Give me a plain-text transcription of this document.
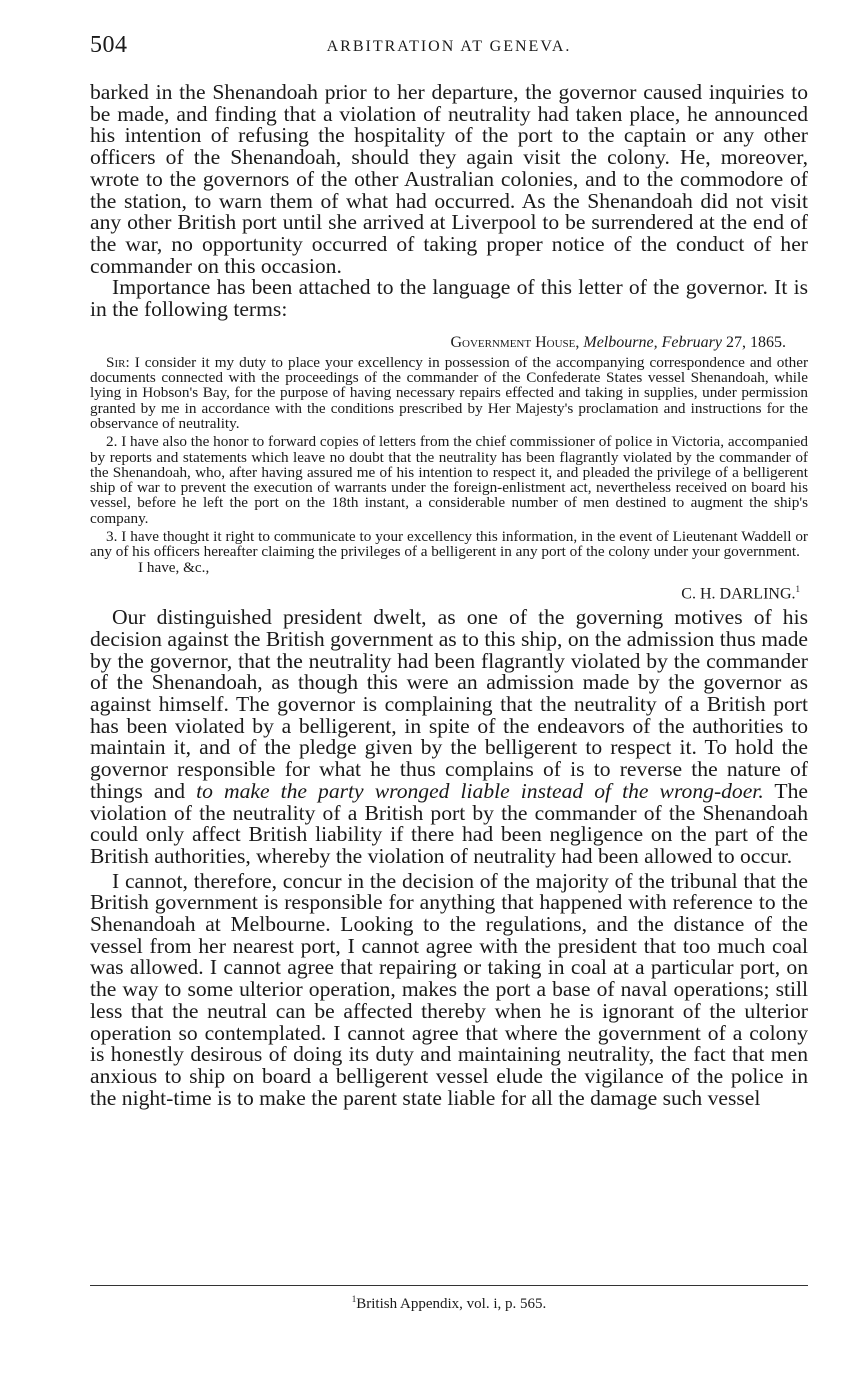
504	ARBITRATION AT GENEVA.

barked in the Shenandoah prior to her departure, the governor caused inquiries to be made, and finding that a violation of neutrality had taken place, he announced his intention of refusing the hospitality of the port to the captain or any other officers of the Shenandoah, should they again visit the colony. He, moreover, wrote to the governors of the other Australian colonies, and to the commodore of the station, to warn them of what had occurred. As the Shenandoah did not visit any other British port until she arrived at Liverpool to be surrendered at the end of the war, no opportunity occurred of taking proper notice of the conduct of her commander on this occasion.

Importance has been attached to the language of this letter of the governor. It is in the following terms:

Government House, Melbourne, February 27, 1865.

Sir: I consider it my duty to place your excellency in possession of the accompanying correspondence and other documents connected with the proceedings of the commander of the Confederate States vessel Shenandoah, while lying in Hobson's Bay, for the purpose of having necessary repairs effected and taking in supplies, under permission granted by me in accordance with the conditions prescribed by Her Majesty's proclamation and instructions for the observance of neutrality.

2. I have also the honor to forward copies of letters from the chief commissioner of police in Victoria, accompanied by reports and statements which leave no doubt that the neutrality has been flagrantly violated by the commander of the Shenandoah, who, after having assured me of his intention to respect it, and pleaded the privilege of a belligerent ship of war to prevent the execution of warrants under the foreign-enlistment act, nevertheless received on board his vessel, before he left the port on the 18th instant, a considerable number of men destined to augment the ship's company.

3. I have thought it right to communicate to your excellency this information, in the event of Lieutenant Waddell or any of his officers hereafter claiming the privileges of a belligerent in any port of the colony under your government.

I have, &c.,

C. H. DARLING.$^1$

Our distinguished president dwelt, as one of the governing motives of his decision against the British government as to this ship, on the admission thus made by the governor, that the neutrality had been flagrantly violated by the commander of the Shenandoah, as though this were an admission made by the governor as against himself. The governor is complaining that the neutrality of a British port has been violated by a belligerent, in spite of the endeavors of the authorities to maintain it, and of the pledge given by the belligerent to respect it. To hold the governor responsible for what he thus complains of is to reverse the nature of things and to make the party wronged liable instead of the wrong-doer. The violation of the neutrality of a British port by the commander of the Shenandoah could only affect British liability if there had been negligence on the part of the British authorities, whereby the violation of neutrality had been allowed to occur.

I cannot, therefore, concur in the decision of the majority of the tribunal that the British government is responsible for anything that happened with reference to the Shenandoah at Melbourne. Looking to the regulations, and the distance of the vessel from her nearest port, I cannot agree with the president that too much coal was allowed. I cannot agree that repairing or taking in coal at a particular port, on the way to some ulterior operation, makes the port a base of naval operations; still less that the neutral can be affected thereby when he is ignorant of the ulterior operation so contemplated. I cannot agree that where the government of a colony is honestly desirous of doing its duty and maintaining neutrality, the fact that men anxious to ship on board a belligerent vessel elude the vigilance of the police in the night-time is to make the parent state liable for all the damage such vessel

$^1$British Appendix, vol. i, p. 565.
